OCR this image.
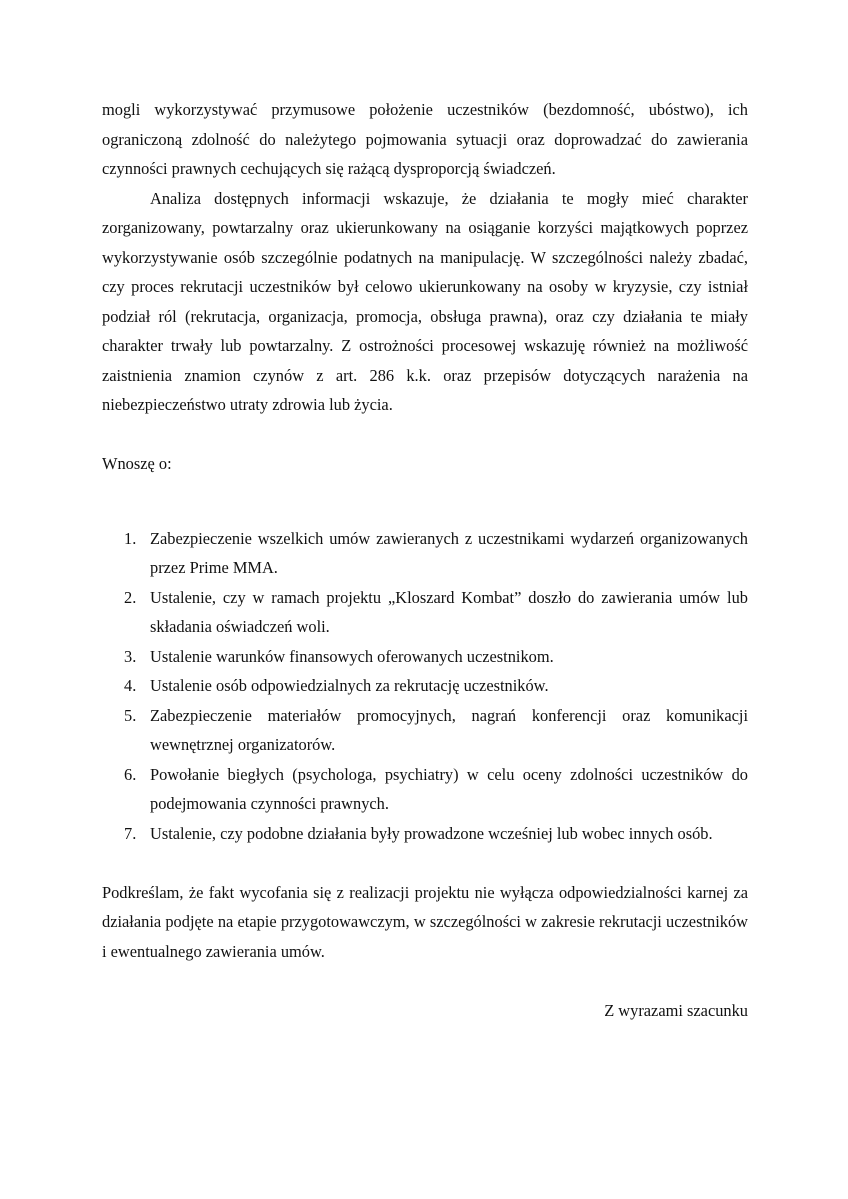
mogli wykorzystywać przymusowe położenie uczestników (bezdomność, ubóstwo), ich ograniczoną zdolność do należytego pojmowania sytuacji oraz doprowadzać do zawierania czynności prawnych cechujących się rażącą dysproporcją świadczeń.

Analiza dostępnych informacji wskazuje, że działania te mogły mieć charakter zorganizowany, powtarzalny oraz ukierunkowany na osiąganie korzyści majątkowych poprzez wykorzystywanie osób szczególnie podatnych na manipulację. W szczególności należy zbadać, czy proces rekrutacji uczestników był celowo ukierunkowany na osoby w kryzysie, czy istniał podział ról (rekrutacja, organizacja, promocja, obsługa prawna), oraz czy działania te miały charakter trwały lub powtarzalny. Z ostrożności procesowej wskazuję również na możliwość zaistnienia znamion czynów z art. 286 k.k. oraz przepisów dotyczących narażenia na niebezpieczeństwo utraty zdrowia lub życia.

Wnoszę o:

1. Zabezpieczenie wszelkich umów zawieranych z uczestnikami wydarzeń organizowanych przez Prime MMA.
2. Ustalenie, czy w ramach projektu „Kloszard Kombat” doszło do zawierania umów lub składania oświadczeń woli.
3. Ustalenie warunków finansowych oferowanych uczestnikom.
4. Ustalenie osób odpowiedzialnych za rekrutację uczestników.
5. Zabezpieczenie materiałów promocyjnych, nagrań konferencji oraz komunikacji wewnętrznej organizatorów.
6. Powołanie biegłych (psychologa, psychiatry) w celu oceny zdolności uczestników do podejmowania czynności prawnych.
7. Ustalenie, czy podobne działania były prowadzone wcześniej lub wobec innych osób.

Podkreślam, że fakt wycofania się z realizacji projektu nie wyłącza odpowiedzialności karnej za działania podjęte na etapie przygotowawczym, w szczególności w zakresie rekrutacji uczestników i ewentualnego zawierania umów.

Z wyrazami szacunku
